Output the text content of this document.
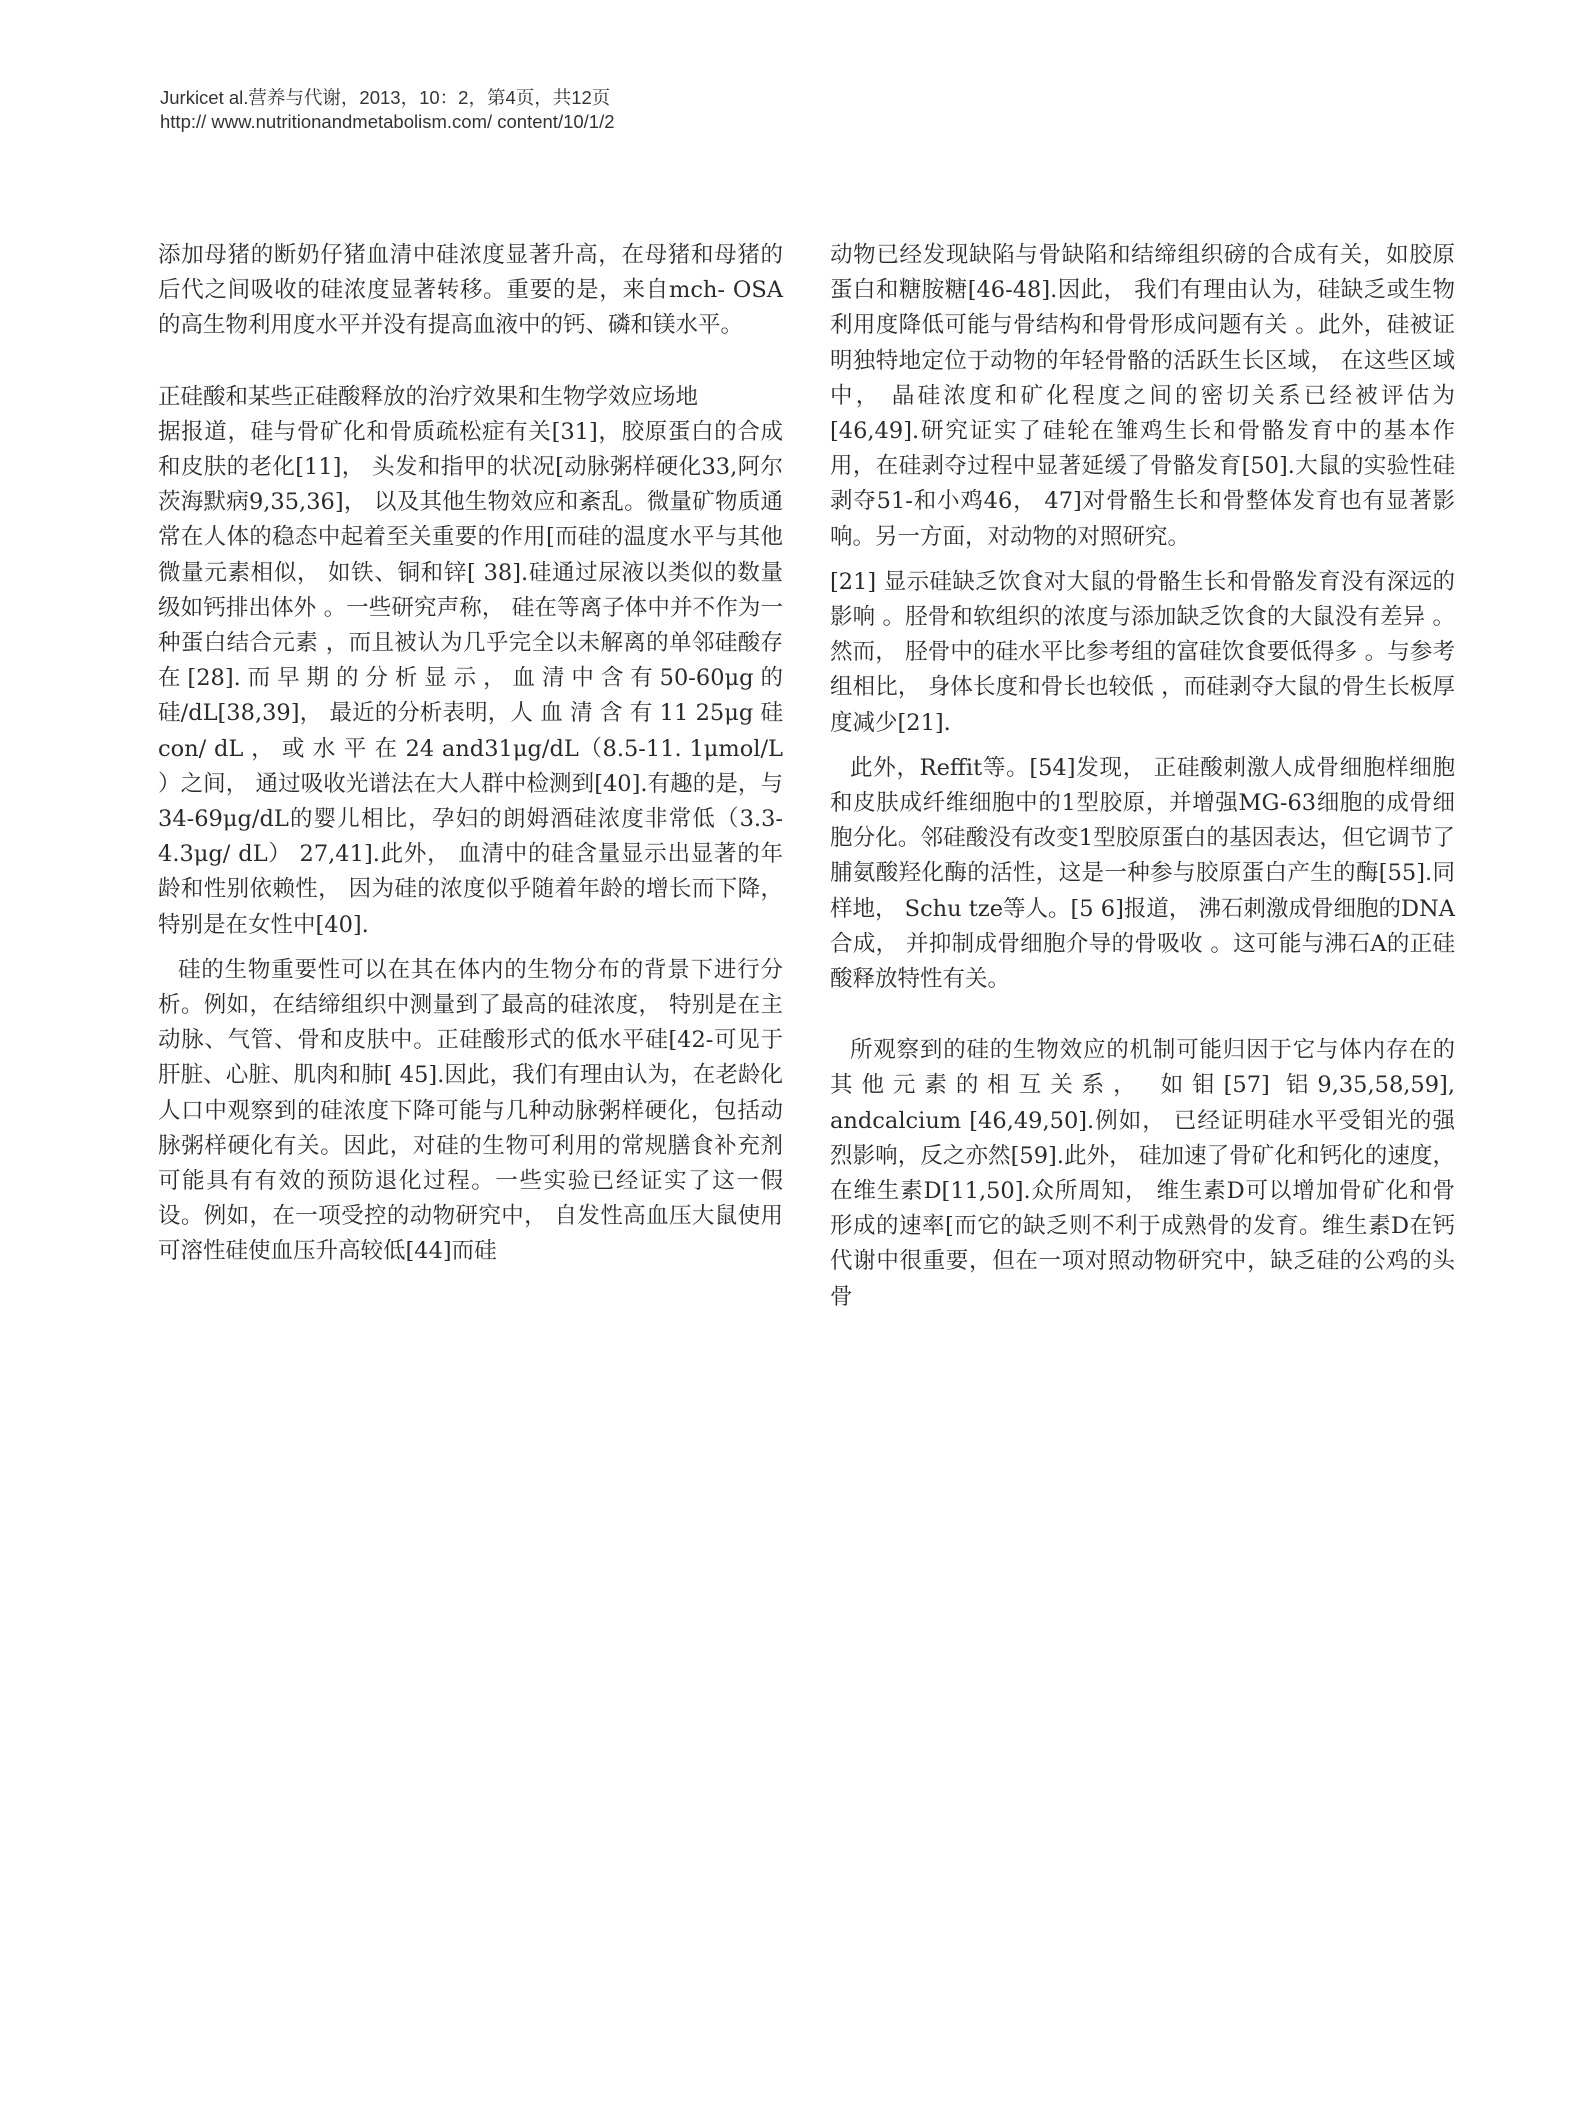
Jurkicet al.营养与代谢，2013，10：2，第4页，共12页
http:// www.nutritionandmetabolism.com/ content/10/1/2

添加母猪的断奶仔猪血清中硅浓度显著升高，在母猪和母猪的后代之间吸收的硅浓度显著转移。重要的是，来自mch- OSA的高生物利用度水平并没有提高血液中的钙、磷和镁水平。

正硅酸和某些正硅酸释放的治疗效果和生物学效应场地

据报道，硅与骨矿化和骨质疏松症有关[31]，胶原蛋白的合成和皮肤的老化[11]， 头发和指甲的状况[动脉粥样硬化33,阿尔茨海默病9,35,36]， 以及其他生物效应和紊乱。微量矿物质通常在人体的稳态中起着至关重要的作用[而硅的温度水平与其他微量元素相似， 如铁、铜和锌[ 38].硅通过尿液以类似的数量级如钙排出体外 。一些研究声称， 硅在等离子体中并不作为一种蛋白结合元素 ，而且被认为几乎完全以未解离的单邻硅酸存在[28].而早期的分析显示，血清中含有50-60μg的硅/dL[38,39]， 最近的分析表明，人 血 清 含 有 11 25μg 硅 con/ dL ， 或 水 平 在 24 and31μg/dL（8.5-11. 1μmol/L ）之间， 通过吸收光谱法在大人群中检测到[40].有趣的是，与34-69μg/dL的婴儿相比，孕妇的朗姆酒硅浓度非常低（3.3-4.3μg/ dL） 27,41].此外， 血清中的硅含量显示出显著的年龄和性别依赖性， 因为硅的浓度似乎随着年龄的增长而下降， 特别是在女性中[40].

硅的生物重要性可以在其在体内的生物分布的背景下进行分析。例如，在结缔组织中测量到了最高的硅浓度， 特别是在主动脉、气管、骨和皮肤中。正硅酸形式的低水平硅[42-可见于肝脏、心脏、肌肉和肺[ 45].因此，我们有理由认为，在老龄化人口中观察到的硅浓度下降可能与几种动脉粥样硬化，包括动脉粥样硬化有关。因此，对硅的生物可利用的常规膳食补充剂可能具有有效的预防退化过程。一些实验已经证实了这一假设。例如，在一项受控的动物研究中， 自发性高血压大鼠使用可溶性硅使血压升高较低[44]而硅

动物已经发现缺陷与骨缺陷和结缔组织磅的合成有关，如胶原蛋白和糖胺糖[46-48].因此， 我们有理由认为，硅缺乏或生物利用度降低可能与骨结构和骨骨形成问题有关 。此外，硅被证明独特地定位于动物的年轻骨骼的活跃生长区域， 在这些区域中， 晶硅浓度和矿化程度之间的密切关系已经被评估为[46,49].研究证实了硅轮在雏鸡生长和骨骼发育中的基本作用，在硅剥夺过程中显著延缓了骨骼发育[50].大鼠的实验性硅剥夺51-和小鸡46， 47]对骨骼生长和骨整体发育也有显著影响。另一方面，对动物的对照研究。

[21] 显示硅缺乏饮食对大鼠的骨骼生长和骨骼发育没有深远的影响 。胫骨和软组织的浓度与添加缺乏饮食的大鼠没有差异 。然而， 胫骨中的硅水平比参考组的富硅饮食要低得多 。与参考组相比， 身体长度和骨长也较低 ，而硅剥夺大鼠的骨生长板厚度减少[21].

此外，Reffit等。[54]发现， 正硅酸刺激人成骨细胞样细胞和皮肤成纤维细胞中的1型胶原，并增强MG-63细胞的成骨细胞分化。邻硅酸没有改变1型胶原蛋白的基因表达，但它调节了脯氨酸羟化酶的活性，这是一种参与胶原蛋白产生的酶[55].同样地， Schu tze等人。[5 6]报道， 沸石刺激成骨细胞的DNA合成， 并抑制成骨细胞介导的骨吸收 。这可能与沸石A的正硅酸释放特性有关。

所观察到的硅的生物效应的机制可能归因于它与体内存在的其他元素的相互关系， 如钼[57] 铝9,35,58,59], andcalcium [46,49,50].例如， 已经证明硅水平受钼光的强烈影响，反之亦然[59].此外， 硅加速了骨矿化和钙化的速度， 在维生素D[11,50].众所周知， 维生素D可以增加骨矿化和骨形成的速率[而它的缺乏则不利于成熟骨的发育。维生素D在钙代谢中很重要，但在一项对照动物研究中，缺乏硅的公鸡的头骨
